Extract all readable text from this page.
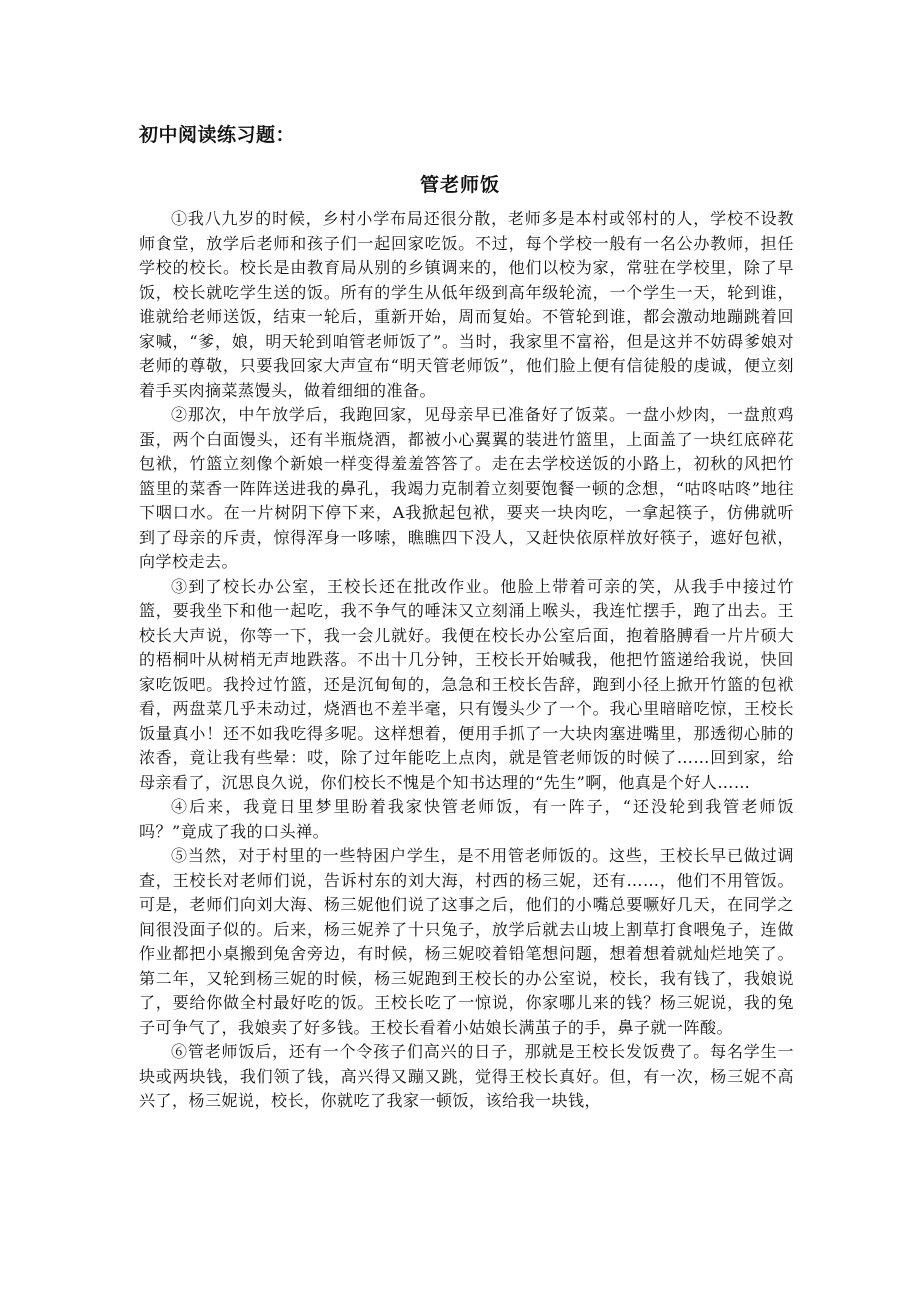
初中阅读练习题：
管老师饭

①我八九岁的时候，乡村小学布局还很分散，老师多是本村或邻村的人，学校不设教师食堂，放学后老师和孩子们一起回家吃饭。不过，每个学校一般有一名公办教师，担任学校的校长。校长是由教育局从别的乡镇调来的，他们以校为家，常驻在学校里，除了早饭，校长就吃学生送的饭。所有的学生从低年级到高年级轮流，一个学生一天，轮到谁，谁就给老师送饭，结束一轮后，重新开始，周而复始。不管轮到谁，都会激动地蹦跳着回家喊，“爹，娘，明天轮到咱管老师饭了”。当时，我家里不富裕，但是这并不妨碍爹娘对老师的尊敬，只要我回家大声宣布“明天管老师饭”，他们脸上便有信徒般的虔诚，便立刻着手买肉摘菜蒸馒头，做着细细的准备。

②那次，中午放学后，我跑回家，见母亲早已准备好了饭菜。一盘小炒肉，一盘煎鸡蛋，两个白面馒头，还有半瓶烧酒，都被小心翼翼的装进竹篮里，上面盖了一块红底碎花包袱，竹篮立刻像个新娘一样变得羞羞答答了。走在去学校送饭的小路上，初秋的风把竹篮里的菜香一阵阵送进我的鼻孔，我竭力克制着立刻要饱餐一顿的念想，“咕咚咕咚”地往下咽口水。在一片树阴下停下来，A我掀起包袱，要夹一块肉吃，一拿起筷子，仿佛就听到了母亲的斥责，惊得浑身一哆嗦，瞧瞧四下没人，又赶快依原样放好筷子，遮好包袱，向学校走去。

③到了校长办公室，王校长还在批改作业。他脸上带着可亲的笑，从我手中接过竹篮，要我坐下和他一起吃，我不争气的唾沫又立刻涌上喉头，我连忙摆手，跑了出去。王校长大声说，你等一下，我一会儿就好。我便在校长办公室后面，抱着胳膊看一片片硕大的梧桐叶从树梢无声地跌落。不出十几分钟，王校长开始喊我，他把竹篮递给我说，快回家吃饭吧。我拎过竹篮，还是沉甸甸的，急急和王校长告辞，跑到小径上掀开竹篮的包袱看，两盘菜几乎未动过，烧酒也不差半毫，只有馒头少了一个。我心里暗暗吃惊，王校长饭量真小！还不如我吃得多呢。这样想着，便用手抓了一大块肉塞进嘴里，那透彻心肺的浓香，竟让我有些晕：哎，除了过年能吃上点肉，就是管老师饭的时候了……回到家，给母亲看了，沉思良久说，你们校长不愧是个知书达理的“先生”啊，他真是个好人……

④后来，我竟日里梦里盼着我家快管老师饭，有一阵子，“还没轮到我管老师饭吗？”竟成了我的口头禅。

⑤当然，对于村里的一些特困户学生，是不用管老师饭的。这些，王校长早已做过调查，王校长对老师们说，告诉村东的刘大海，村西的杨三妮，还有……，他们不用管饭。可是，老师们向刘大海、杨三妮他们说了这事之后，他们的小嘴总要噘好几天，在同学之间很没面子似的。后来，杨三妮养了十只兔子，放学后就去山坡上割草打食喂兔子，连做作业都把小桌搬到兔舍旁边，有时候，杨三妮咬着铅笔想问题，想着想着就灿烂地笑了。第二年，又轮到杨三妮的时候，杨三妮跑到王校长的办公室说，校长，我有钱了，我娘说了，要给你做全村最好吃的饭。王校长吃了一惊说，你家哪儿来的钱？杨三妮说，我的兔子可争气了，我娘卖了好多钱。王校长看着小姑娘长满茧子的手，鼻子就一阵酸。

⑥管老师饭后，还有一个令孩子们高兴的日子，那就是王校长发饭费了。每名学生一块或两块钱，我们领了钱，高兴得又蹦又跳，觉得王校长真好。但，有一次，杨三妮不高兴了，杨三妮说，校长，你就吃了我家一顿饭，该给我一块钱，
